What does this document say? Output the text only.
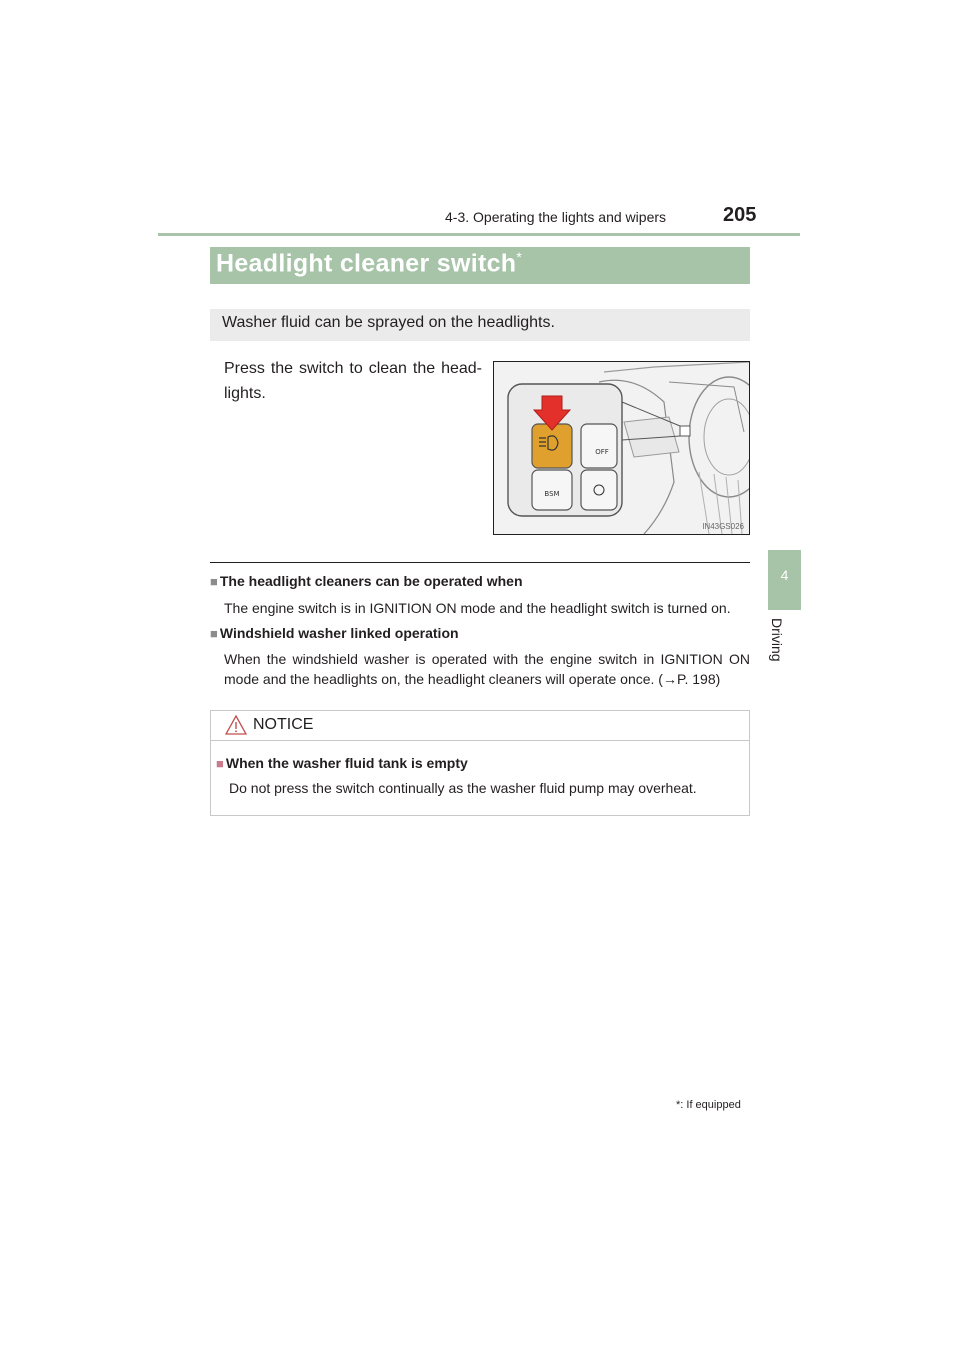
4-3. Operating the lights and wipers	205
4
Driving
Headlight cleaner switch*
Washer fluid can be sprayed on the headlights.
Press the switch to clean the head-lights.
OFF
BSM
IN43GS026
■ The headlight cleaners can be operated when
The engine switch is in IGNITION ON mode and the headlight switch is turned on.
■ Windshield washer linked operation
When the windshield washer is operated with the engine switch in IGNITION ON mode and the headlights on, the headlight cleaners will operate once. (→P. 198)
NOTICE
■ When the washer fluid tank is empty
Do not press the switch continually as the washer fluid pump may overheat.
*: If equipped
